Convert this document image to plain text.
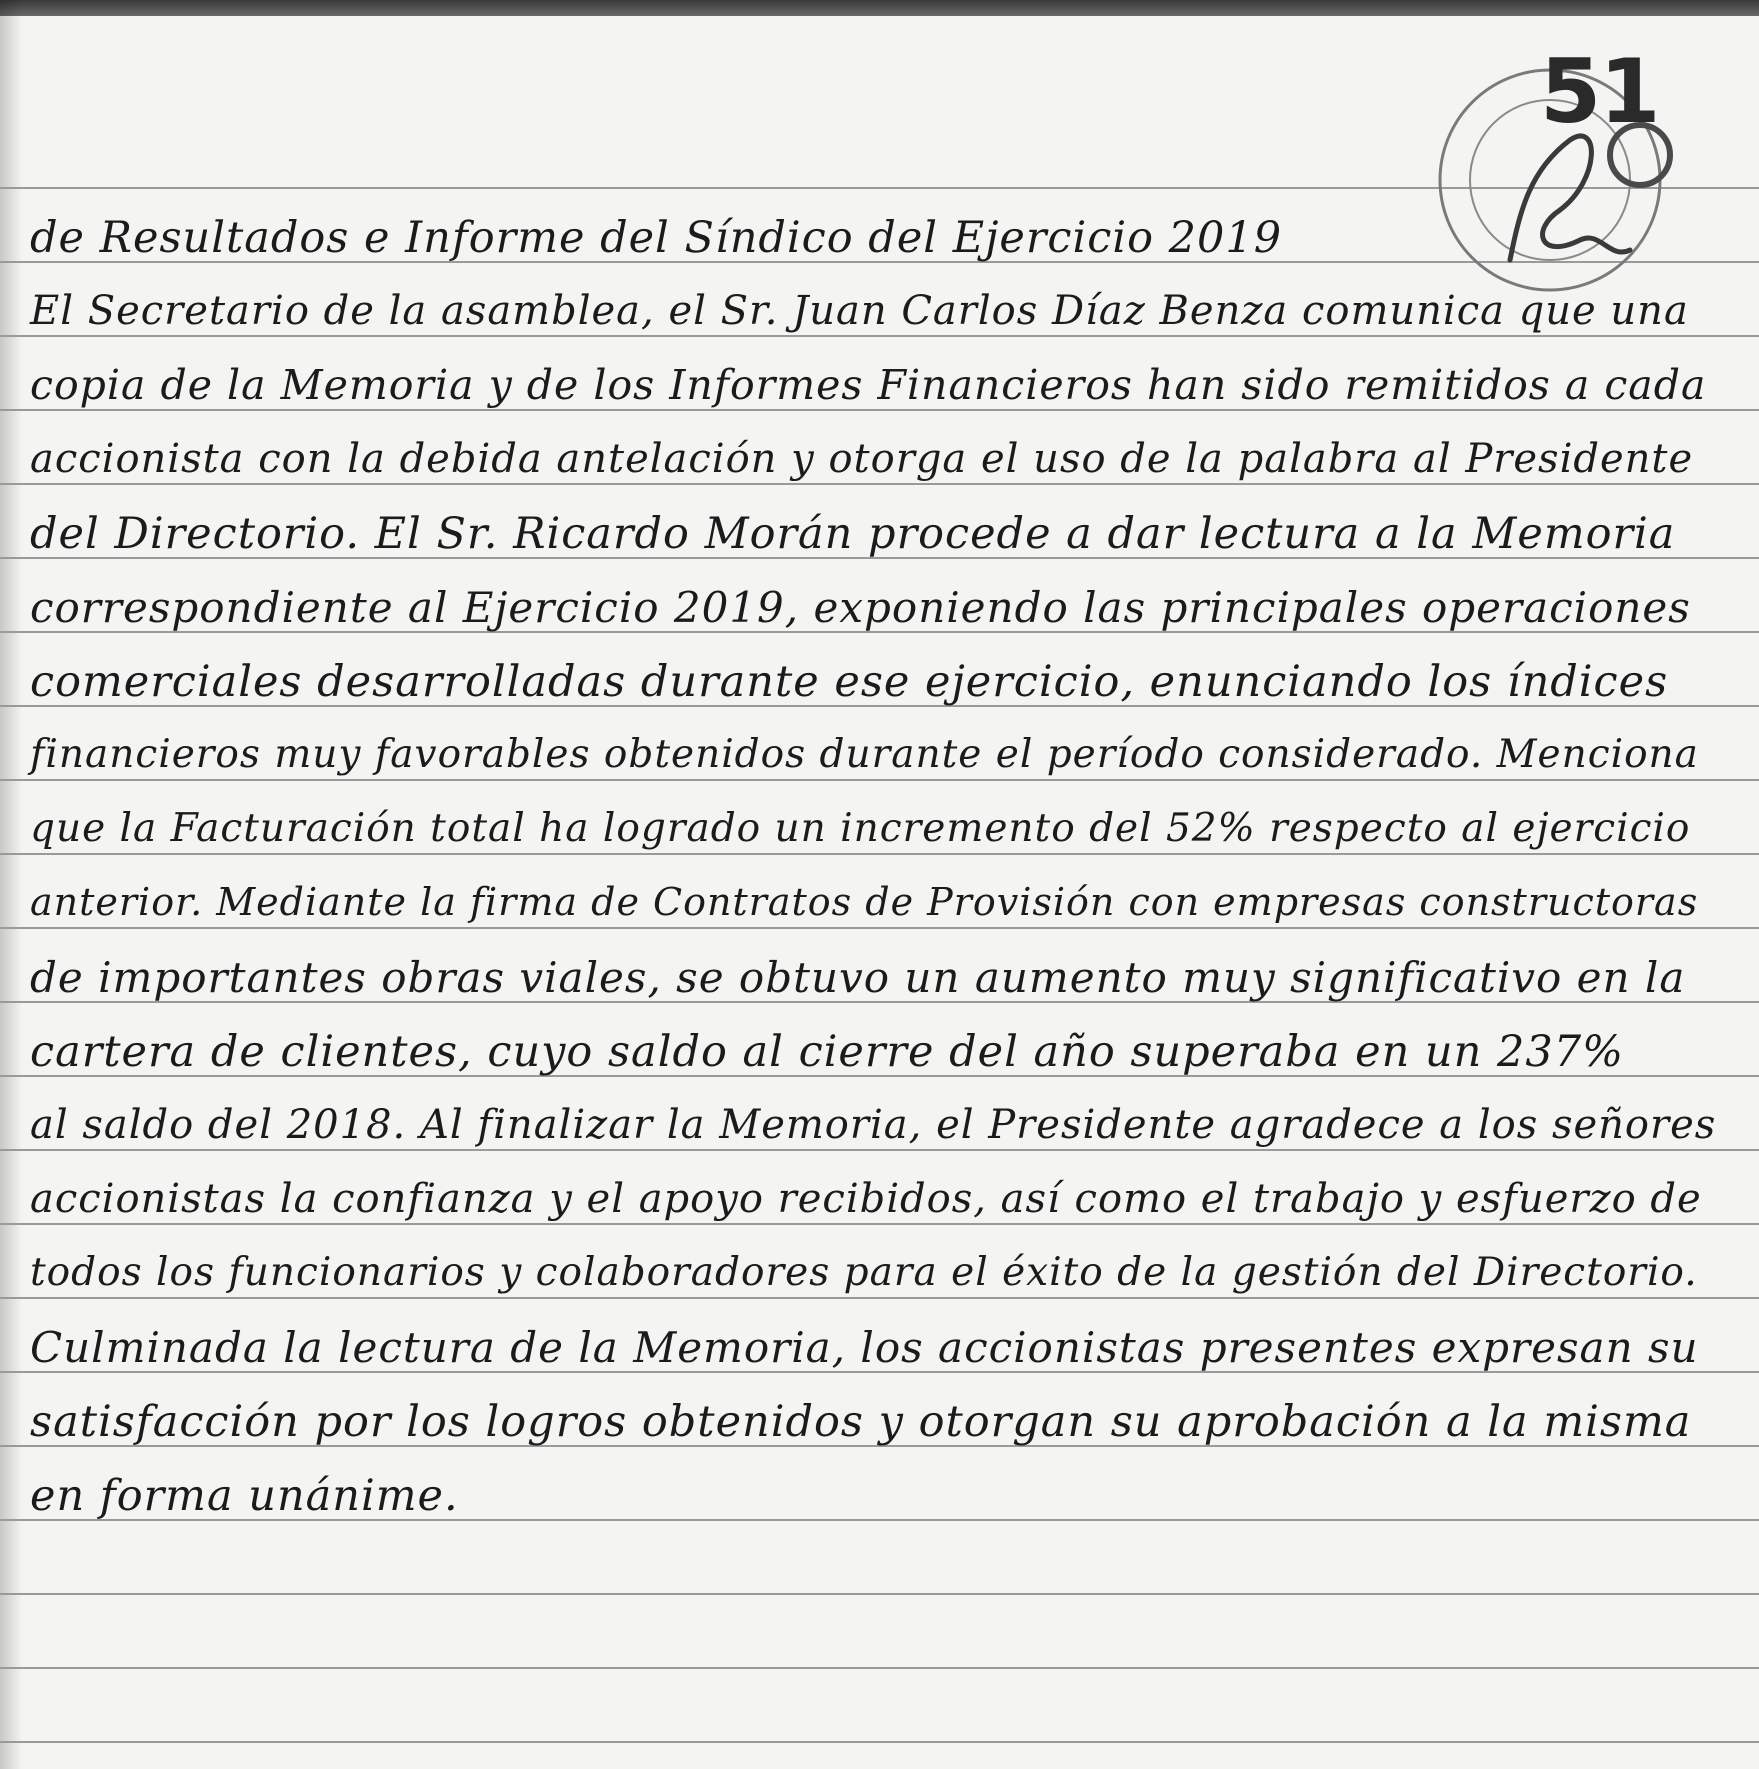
51
de Resultados e Informe del Síndico del Ejercicio 2019
El Secretario de la asamblea, el Sr. Juan Carlos Díaz Benza comunica que una
copia de la Memoria y de los Informes Financieros han sido remitidos a cada
accionista con la debida antelación y otorga el uso de la palabra al Presidente
del Directorio. El Sr. Ricardo Morán procede a dar lectura a la Memoria
correspondiente al Ejercicio 2019, exponiendo las principales operaciones
comerciales desarrolladas durante ese ejercicio, enunciando los índices
financieros muy favorables obtenidos durante el período considerado. Menciona
que la Facturación total ha logrado un incremento del 52% respecto al ejercicio
anterior. Mediante la firma de Contratos de Provisión con empresas constructoras
de importantes obras viales, se obtuvo un aumento muy significativo en la
cartera de clientes, cuyo saldo al cierre del año superaba en un 237%
al saldo del 2018. Al finalizar la Memoria, el Presidente agradece a los señores
accionistas la confianza y el apoyo recibidos, así como el trabajo y esfuerzo de
todos los funcionarios y colaboradores para el éxito de la gestión del Directorio.
Culminada la lectura de la Memoria, los accionistas presentes expresan su
satisfacción por los logros obtenidos y otorgan su aprobación a la misma
en forma unánime.
